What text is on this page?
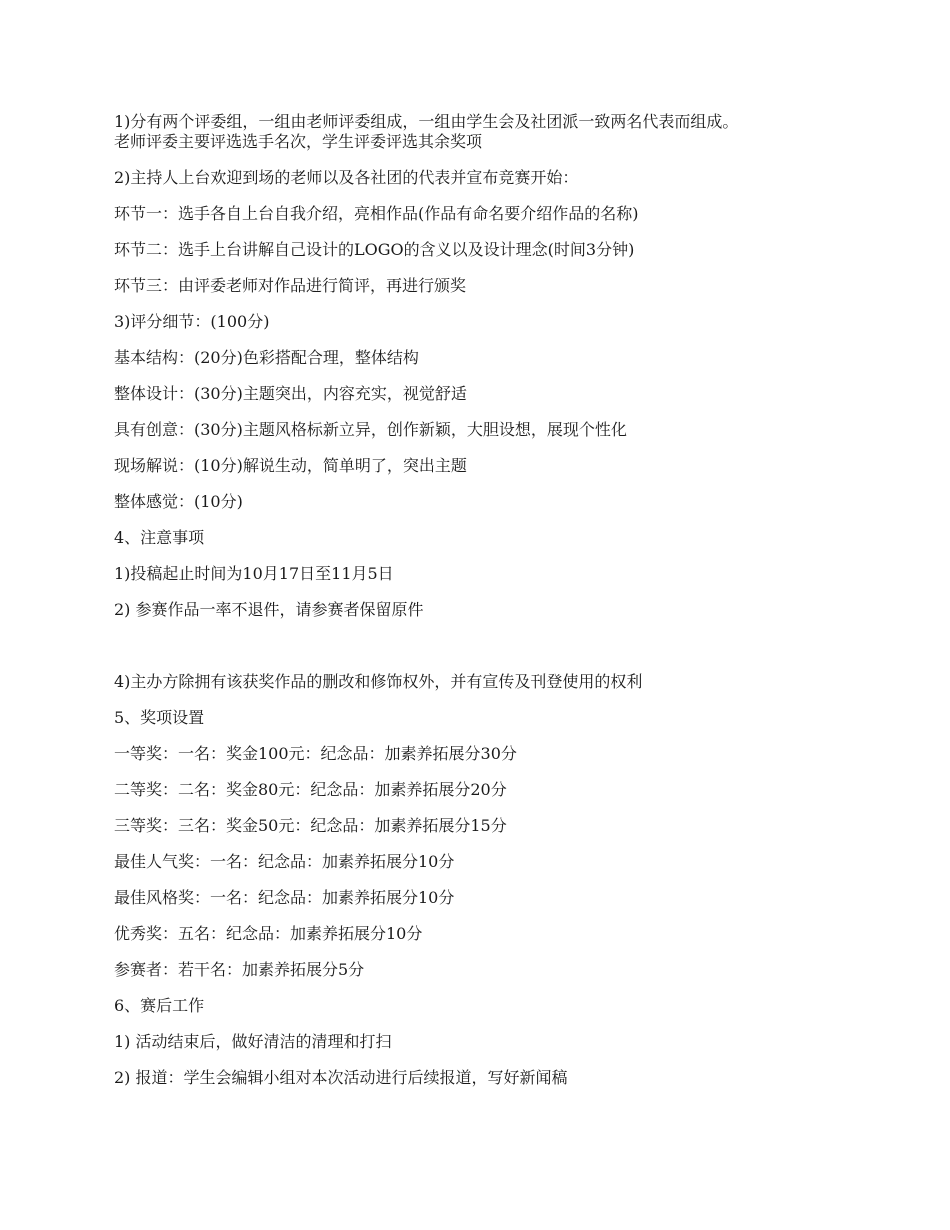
1)分有两个评委组，一组由老师评委组成，一组由学生会及社团派一致两名代表而组成。

老师评委主要评选选手名次，学生评委评选其余奖项

2)主持人上台欢迎到场的老师以及各社团的代表并宣布竞赛开始：

环节一：选手各自上台自我介绍，亮相作品(作品有命名要介绍作品的名称)

环节二：选手上台讲解自己设计的LOGO的含义以及设计理念(时间3分钟)

环节三：由评委老师对作品进行简评，再进行颁奖

3)评分细节：(100分)

基本结构：(20分)色彩搭配合理，整体结构

整体设计：(30分)主题突出，内容充实，视觉舒适

具有创意：(30分)主题风格标新立异，创作新颖，大胆设想，展现个性化

现场解说：(10分)解说生动，简单明了，突出主题

整体感觉：(10分)

4、注意事项

1)投稿起止时间为10月17日至11月5日

2) 参赛作品一率不退件，请参赛者保留原件

4)主办方除拥有该获奖作品的删改和修饰权外，并有宣传及刊登使用的权利

5、奖项设置

一等奖：一名：奖金100元：纪念品：加素养拓展分30分

二等奖：二名：奖金80元：纪念品：加素养拓展分20分

三等奖：三名：奖金50元：纪念品：加素养拓展分15分

最佳人气奖：一名：纪念品：加素养拓展分10分

最佳风格奖：一名：纪念品：加素养拓展分10分

优秀奖：五名：纪念品：加素养拓展分10分

参赛者：若干名：加素养拓展分5分

6、赛后工作

1) 活动结束后，做好清洁的清理和打扫

2) 报道：学生会编辑小组对本次活动进行后续报道，写好新闻稿
